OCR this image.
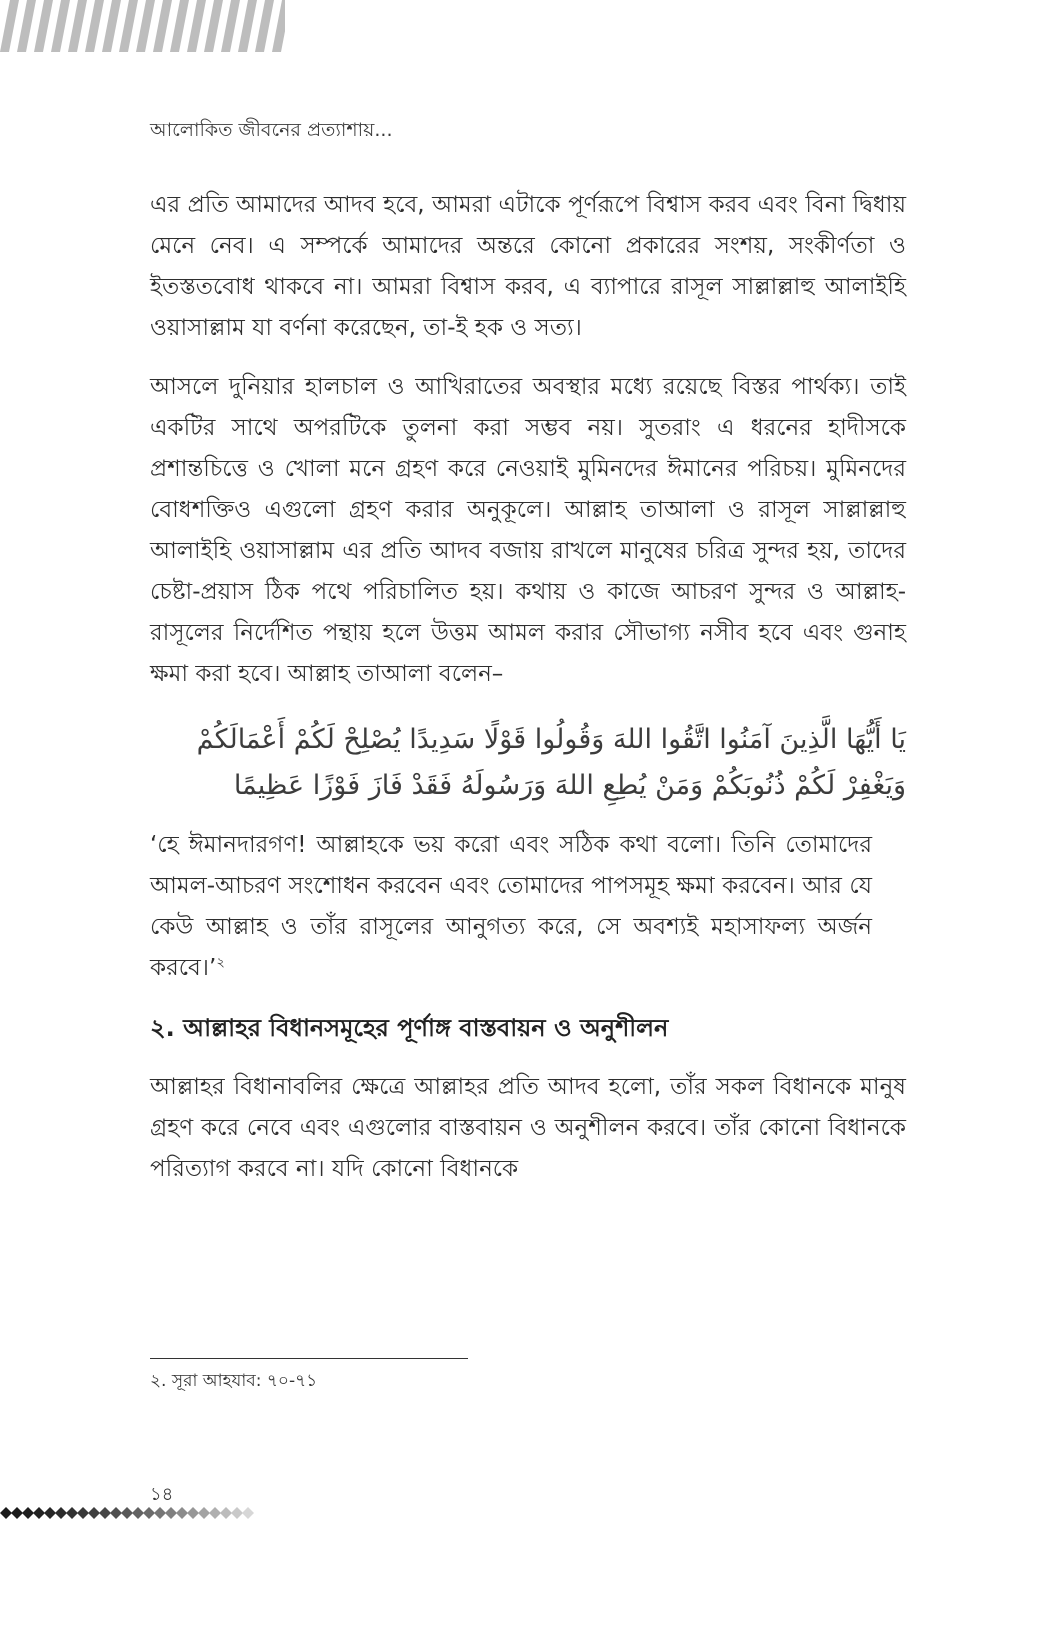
আলোকিত জীবনের প্রত্যাশায়...

এর প্রতি আমাদের আদব হবে, আমরা এটাকে পূর্ণরূপে বিশ্বাস করব এবং বিনা দ্বিধায় মেনে নেব। এ সম্পর্কে আমাদের অন্তরে কোনো প্রকারের সংশয়, সংকীর্ণতা ও ইতস্ততবোধ থাকবে না। আমরা বিশ্বাস করব, এ ব্যাপারে রাসূল সাল্লাল্লাহু আলাইহি ওয়াসাল্লাম যা বর্ণনা করেছেন, তা-ই হক ও সত্য।

আসলে দুনিয়ার হালচাল ও আখিরাতের অবস্থার মধ্যে রয়েছে বিস্তর পার্থক্য। তাই একটির সাথে অপরটিকে তুলনা করা সম্ভব নয়। সুতরাং এ ধরনের হাদীসকে প্রশান্তচিত্তে ও খোলা মনে গ্রহণ করে নেওয়াই মুমিনদের ঈমানের পরিচয়। মুমিনদের বোধশক্তিও এগুলো গ্রহণ করার অনুকূলে। আল্লাহ তাআলা ও রাসূল সাল্লাল্লাহু আলাইহি ওয়াসাল্লাম এর প্রতি আদব বজায় রাখলে মানুষের চরিত্র সুন্দর হয়, তাদের চেষ্টা-প্রয়াস ঠিক পথে পরিচালিত হয়। কথায় ও কাজে আচরণ সুন্দর ও আল্লাহ-রাসূলের নির্দেশিত পন্থায় হলে উত্তম আমল করার সৌভাগ্য নসীব হবে এবং গুনাহ ক্ষমা করা হবে। আল্লাহ তাআলা বলেন–

يَا أَيُّهَا الَّذِينَ آمَنُوا اتَّقُوا اللهَ وَقُولُوا قَوْلًا سَدِيدًا يُصْلِحْ لَكُمْ أَعْمَالَكُمْ وَيَغْفِرْ لَكُمْ ذُنُوبَكُمْ وَمَنْ يُطِعِ اللهَ وَرَسُولَهُ فَقَدْ فَازَ فَوْزًا عَظِيمًا

‘হে ঈমানদারগণ! আল্লাহকে ভয় করো এবং সঠিক কথা বলো। তিনি তোমাদের আমল-আচরণ সংশোধন করবেন এবং তোমাদের পাপসমূহ ক্ষমা করবেন। আর যে কেউ আল্লাহ ও তাঁর রাসূলের আনুগত্য করে, সে অবশ্যই মহাসাফল্য অর্জন করবে।’$^২$

২. আল্লাহর বিধানসমূহের পূর্ণাঙ্গ বাস্তবায়ন ও অনুশীলন

আল্লাহর বিধানাবলির ক্ষেত্রে আল্লাহর প্রতি আদব হলো, তাঁর সকল বিধানকে মানুষ গ্রহণ করে নেবে এবং এগুলোর বাস্তবায়ন ও অনুশীলন করবে। তাঁর কোনো বিধানকে পরিত্যাগ করবে না। যদি কোনো বিধানকে

২. সূরা আহযাব: ৭০-৭১
১৪
